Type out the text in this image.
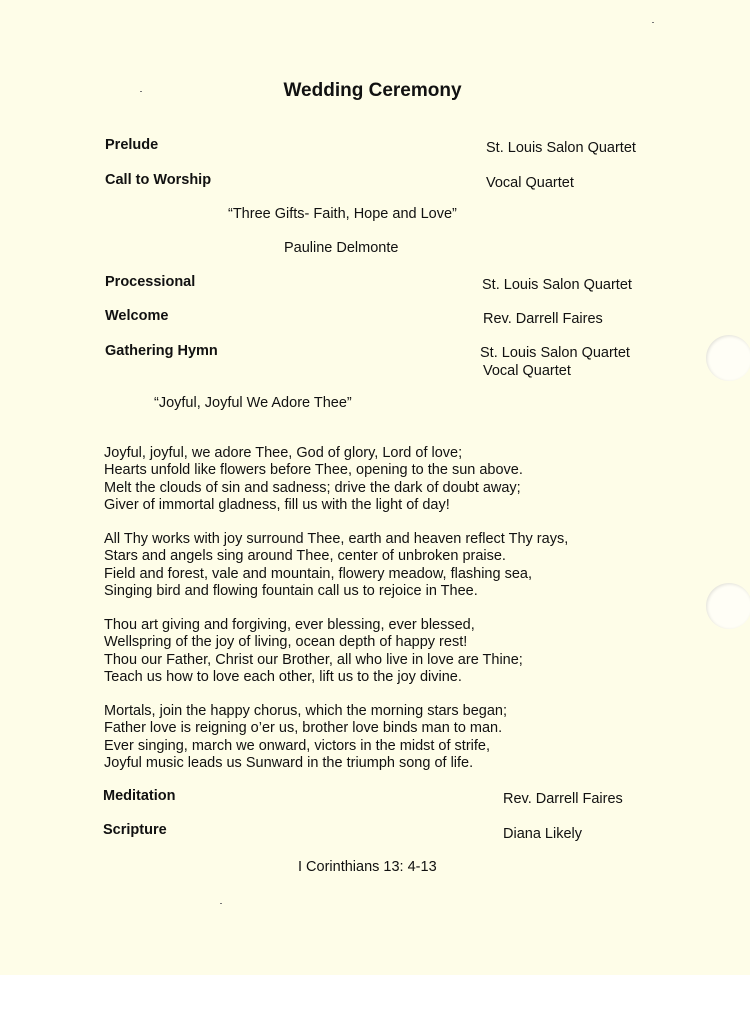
Wedding Ceremony
Prelude	St. Louis Salon Quartet
Call to Worship	Vocal Quartet
“Three Gifts- Faith, Hope and Love”
Pauline Delmonte
Processional	St. Louis Salon Quartet
Welcome	Rev. Darrell Faires
Gathering Hymn	St. Louis Salon Quartet
Vocal Quartet
“Joyful, Joyful We Adore Thee”
Joyful, joyful, we adore Thee, God of glory, Lord of love;
Hearts unfold like flowers before Thee, opening to the sun above.
Melt the clouds of sin and sadness; drive the dark of doubt away;
Giver of immortal gladness, fill us with the light of day!
All Thy works with joy surround Thee, earth and heaven reflect Thy rays,
Stars and angels sing around Thee, center of unbroken praise.
Field and forest, vale and mountain, flowery meadow, flashing sea,
Singing bird and flowing fountain call us to rejoice in Thee.
Thou art giving and forgiving, ever blessing, ever blessed,
Wellspring of the joy of living, ocean depth of happy rest!
Thou our Father, Christ our Brother, all who live in love are Thine;
Teach us how to love each other, lift us to the joy divine.
Mortals, join the happy chorus, which the morning stars began;
Father love is reigning o’er us, brother love binds man to man.
Ever singing, march we onward, victors in the midst of strife,
Joyful music leads us Sunward in the triumph song of life.
Meditation	Rev. Darrell Faires
Scripture	Diana Likely
I Corinthians 13: 4-13
